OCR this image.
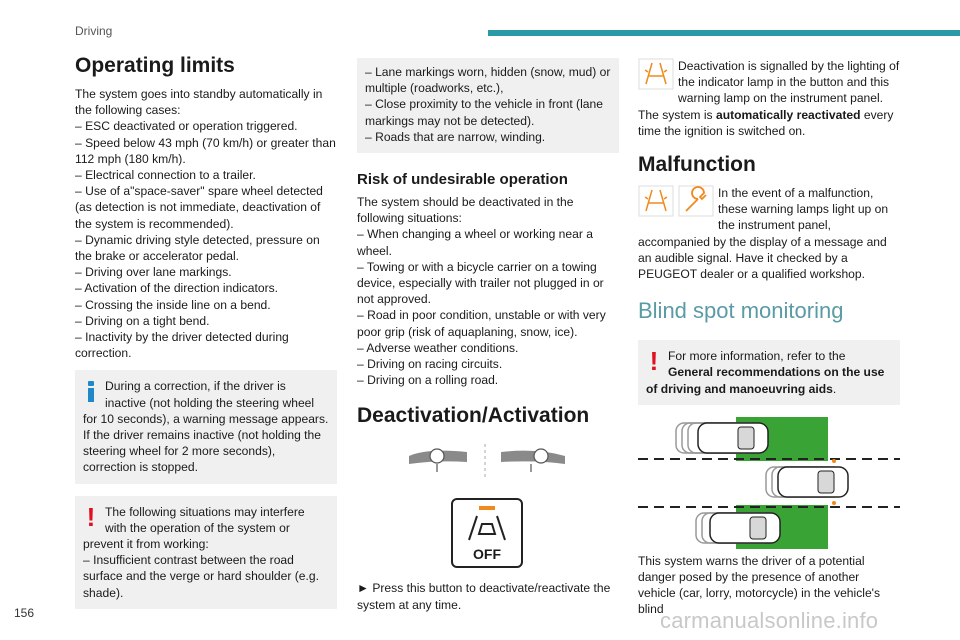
Driving
Operating limits

The system goes into standby automatically in the following cases:

– ESC deactivated or operation triggered.

– Speed below 43 mph (70 km/h) or greater than 112 mph (180 km/h).

– Electrical connection to a trailer.

– Use of a"space-saver" spare wheel detected (as detection is not immediate, deactivation of the system is recommended).

– Dynamic driving style detected, pressure on the brake or accelerator pedal.

– Driving over lane markings.

– Activation of the direction indicators.

– Crossing the inside line on a bend.

– Driving on a tight bend.

– Inactivity by the driver detected during correction.

During a correction, if the driver is inactive (not holding the steering wheel for 10 seconds), a warning message appears. If the driver remains inactive (not holding the steering wheel for 2 more seconds), correction is stopped.

! The following situations may interfere with the operation of the system or prevent it from working:

– Insufficient contrast between the road surface and the verge or hard shoulder (e.g. shade).

– Lane markings worn, hidden (snow, mud) or multiple (roadworks, etc.),

– Close proximity to the vehicle in front (lane markings may not be detected).

– Roads that are narrow, winding.

Risk of undesirable operation

The system should be deactivated in the following situations:

– When changing a wheel or working near a wheel.

– Towing or with a bicycle carrier on a towing device, especially with trailer not plugged in or not approved.

– Road in poor condition, unstable or with very poor grip (risk of aquaplaning, snow, ice).

– Adverse weather conditions.

– Driving on racing circuits.

– Driving on a rolling road.

Deactivation/Activation
OFF

► Press this button to deactivate/reactivate the system at any time.

Deactivation is signalled by the lighting of the indicator lamp in the button and this warning lamp on the instrument panel.

The system is automatically reactivated every time the ignition is switched on.

Malfunction

In the event of a malfunction, these warning lamps light up on the instrument panel, accompanied by the display of a message and an audible signal. Have it checked by a PEUGEOT dealer or a qualified workshop.

Blind spot monitoring
! For more information, refer to the General recommendations on the use of driving and manoeuvring aids.

This system warns the driver of a potential danger posed by the presence of another vehicle (car, lorry, motorcycle) in the vehicle's blind

156	carmanualsonline.info
